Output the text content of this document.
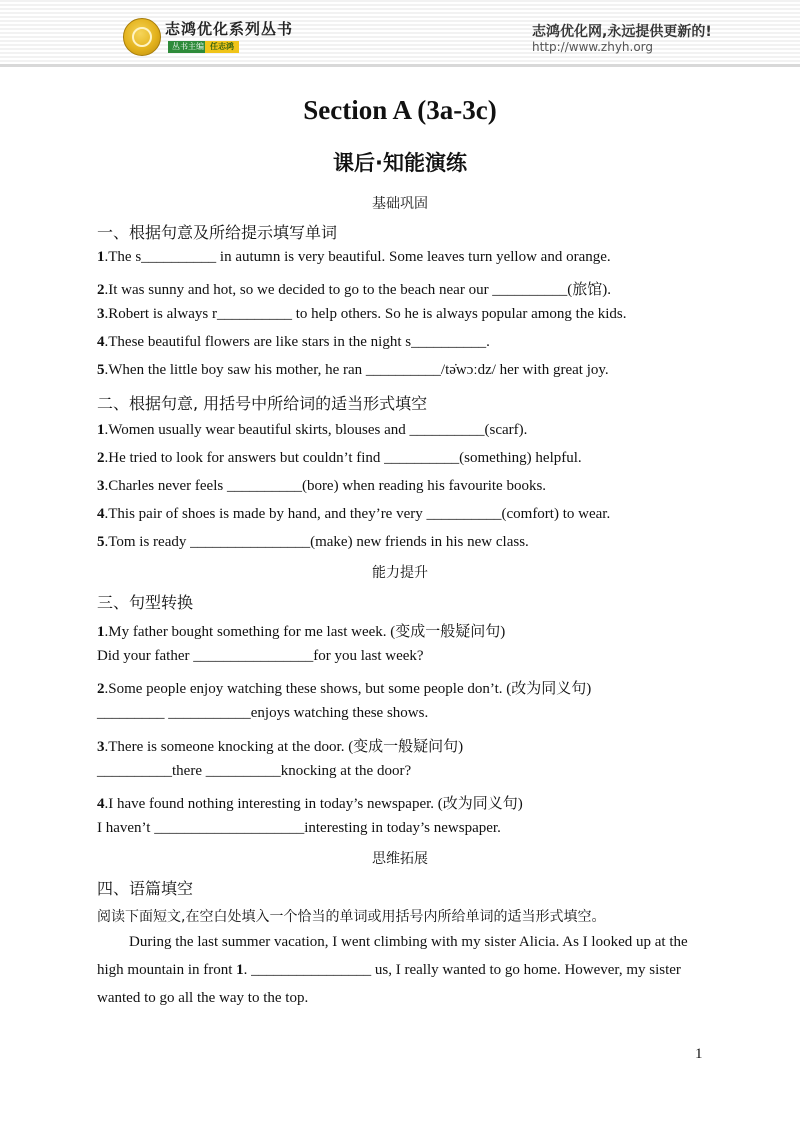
志鸿优化系列丛书
丛书主编 任志鸿
志鸿优化网,永远提供更新的!
http://www.zhyh.org
Section A (3a-3c)
课后·知能演练
基础巩固
一、根据句意及所给提示填写单词
1.The s__________ in autumn is very beautiful. Some leaves turn yellow and orange.
2.It was sunny and hot, so we decided to go to the beach near our __________(旅馆).
3.Robert is always r__________ to help others. So he is always popular among the kids.
4.These beautiful flowers are like stars in the night s__________.
5.When the little boy saw his mother, he ran __________/tə̇wɔːdz/ her with great joy.
二、根据句意, 用括号中所给词的适当形式填空
1.Women usually wear beautiful skirts, blouses and __________(scarf).
2.He tried to look for answers but couldn’t find __________(something) helpful.
3.Charles never feels __________(bore) when reading his favourite books.
4.This pair of shoes is made by hand, and they’re very __________(comfort) to wear.
5.Tom is ready ________________(make) new friends in his new class.
能力提升
三、句型转换
1.My father bought something for me last week. (变成一般疑问句)
Did your father ________________for you last week?
2.Some people enjoy watching these shows, but some people don’t. (改为同义句)
_________ ___________enjoys watching these shows.
3.There is someone knocking at the door. (变成一般疑问句)
__________there __________knocking at the door?
4.I have found nothing interesting in today’s newspaper. (改为同义句)
I haven’t ____________________interesting in today’s newspaper.
思维拓展
四、语篇填空
阅读下面短文,在空白处填入一个恰当的单词或用括号内所给单词的适当形式填空。
During the last summer vacation, I went climbing with my sister Alicia. As I looked up at the high mountain in front 1. ________________ us, I really wanted to go home. However, my sister wanted to go all the way to the top.
1
